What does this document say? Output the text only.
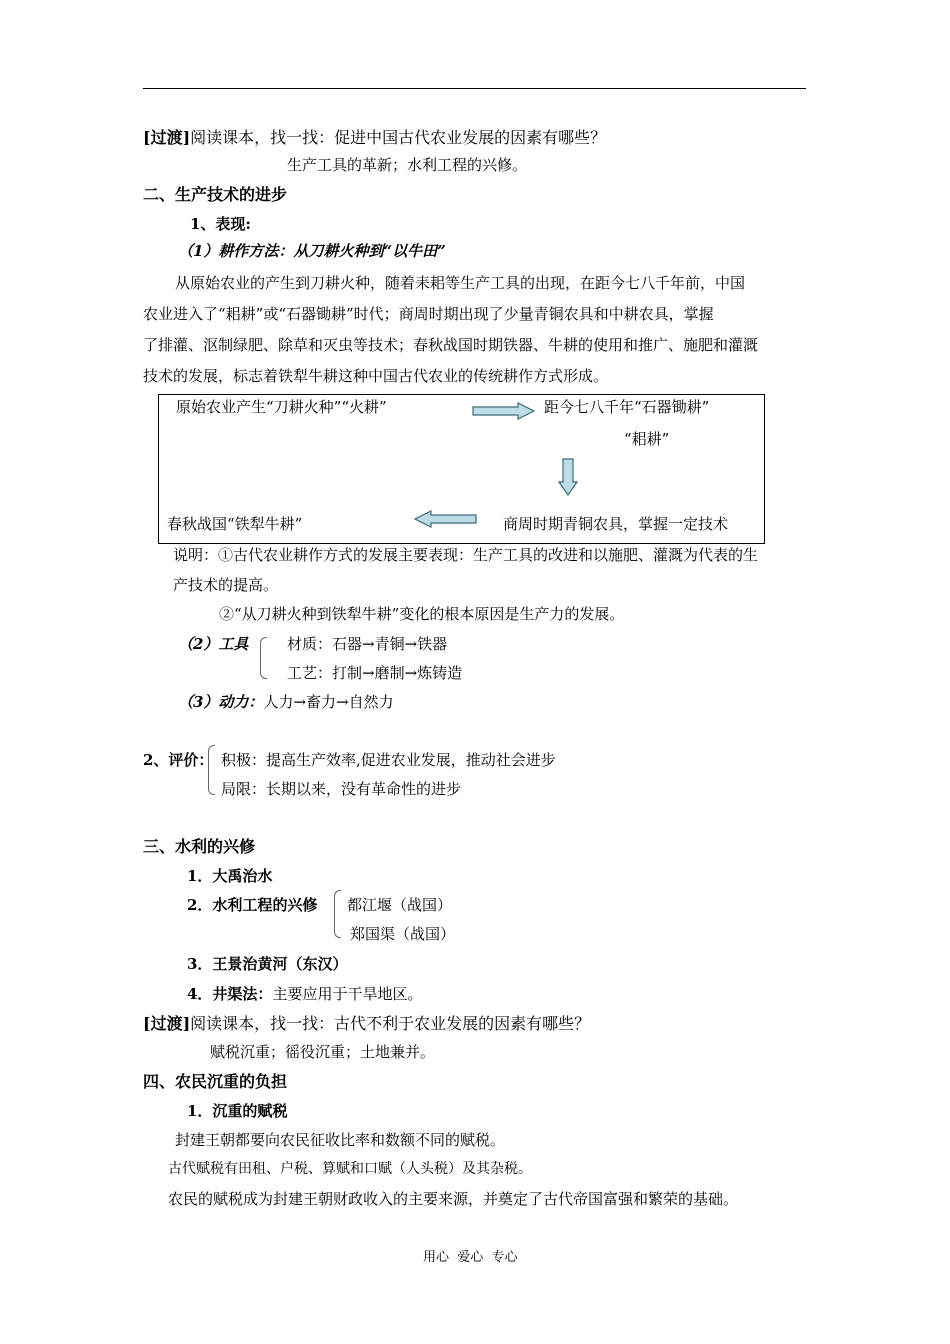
[过渡]阅读课本，找一找：促进中国古代农业发展的因素有哪些？
生产工具的革新；水利工程的兴修。
二、生产技术的进步
1、表现:
（1）耕作方法：从刀耕火种到“以牛田”
从原始农业的产生到刀耕火种，随着耒耜等生产工具的出现，在距今七八千年前，中国
农业进入了“耜耕”或“石器锄耕”时代；商周时期出现了少量青铜农具和中耕农具，掌握
了排灌、沤制绿肥、除草和灭虫等技术；春秋战国时期铁器、牛耕的使用和推广、施肥和灌溉
技术的发展，标志着铁犁牛耕这种中国古代农业的传统耕作方式形成。
原始农业产生“刀耕火种”“火耕”	距今七八千年“石器锄耕”
“耜耕”
商周时期青铜农具，掌握一定技术
春秋战国“铁犁牛耕”
说明：①古代农业耕作方式的发展主要表现：生产工具的改进和以施肥、灌溉为代表的生
产技术的提高。
②“从刀耕火种到铁犁牛耕”变化的根本原因是生产力的发展。
（2）工具	材质：石器→青铜→铁器
工艺：打制→磨制→炼铸造
（3）动力：人力→畜力→自然力
2、评价： 积极：提高生产效率,促进农业发展，推动社会进步
局限：长期以来，没有革命性的进步
三、水利的兴修
1．大禹治水
2．水利工程的兴修 都江堰（战国）
郑国渠（战国）
3．王景治黄河（东汉）
4．井渠法：主要应用于干旱地区。
[过渡]阅读课本，找一找：古代不利于农业发展的因素有哪些？
赋税沉重；徭役沉重；土地兼并。
四、农民沉重的负担
1．沉重的赋税
封建王朝都要向农民征收比率和数额不同的赋税。
古代赋税有田租、户税、算赋和口赋（人头税）及其杂税。
农民的赋税成为封建王朝财政收入的主要来源，并奠定了古代帝国富强和繁荣的基础。
用心  爱心  专心
